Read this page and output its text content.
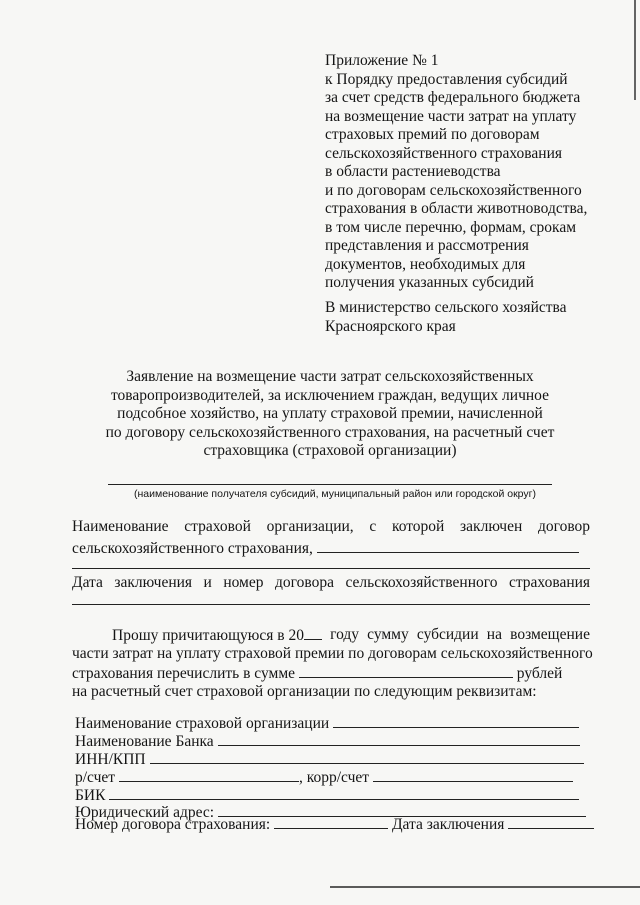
Приложение № 1
к Порядку предоставления субсидий
за счет средств федерального бюджета
на возмещение части затрат на уплату
страховых премий по договорам
сельскохозяйственного страхования
в области растениеводства
и по договорам сельскохозяйственного
страхования в области животноводства,
в том числе перечню, формам, срокам
представления и рассмотрения
документов, необходимых для
получения указанных субсидий
В министерство сельского хозяйства
Красноярского края
Заявление на возмещение части затрат сельскохозяйственных
товаропроизводителей, за исключением граждан, ведущих личное
подсобное хозяйство, на уплату страховой премии, начисленной
по договору сельскохозяйственного страхования, на расчетный счет
страховщика (страховой организации)
(наименование получателя субсидий, муниципальный район или городской округ)
Наименование страховой организации, с которой заключен договор
сельскохозяйственного страхования,
Дата заключения и номер договора сельскохозяйственного страхования
Прошу причитающуюся в 20	году сумму субсидии на возмещение
части затрат на уплату страховой премии по договорам сельскохозяйственного
страхования перечислить в сумме	рублей
на расчетный счет страховой организации по следующим реквизитам:
Наименование страховой организации
Наименование Банка
ИНН/КПП
р/счет	, корр/счет
БИК
Юридический адрес:
Номер договора страхования:	Дата заключения
